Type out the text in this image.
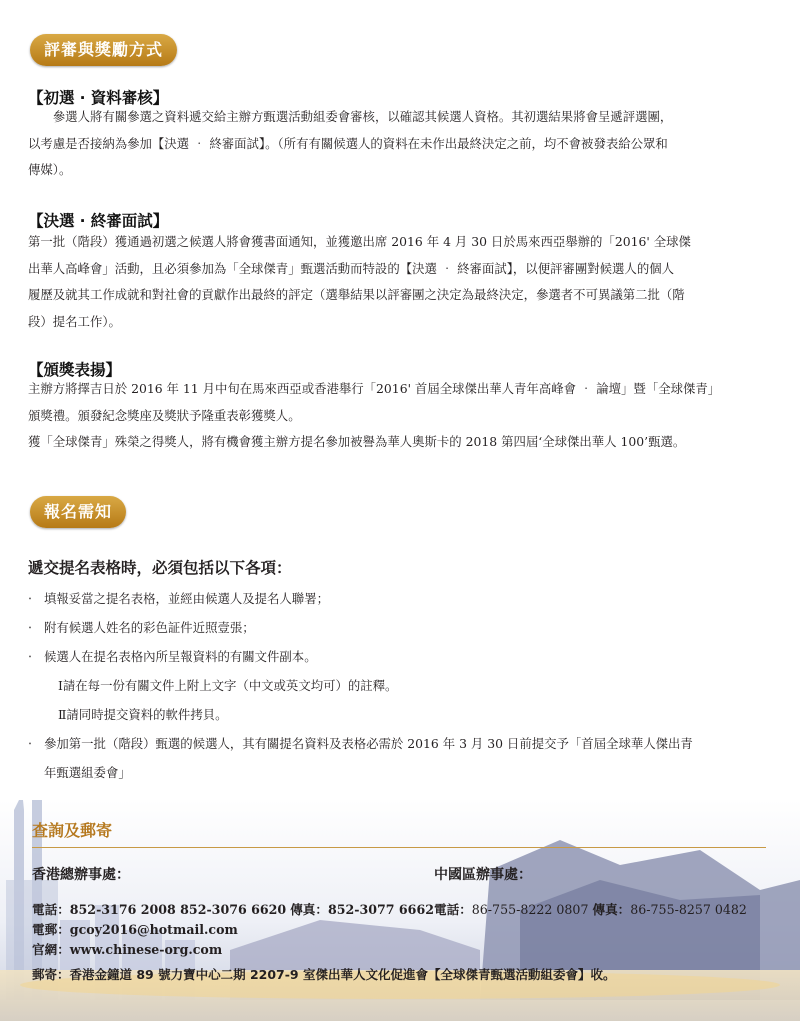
評審與獎勵方式
【初選 ‧ 資料審核】
參選人將有關參選之資料遞交給主辦方甄選活動組委會審核，以確認其候選人資格。其初選結果將會呈遞評選團，
以考慮是否接納為參加【決選 ‧ 終審面試】。（所有有關候選人的資料在未作出最終決定之前，均不會被發表給公眾和
傳媒）。
【決選 ‧ 終審面試】
第一批（階段）獲通過初選之候選人將會獲書面通知，並獲邀出席 2016 年 4 月 30 日於馬來西亞舉辦的「2016' 全球傑
出華人高峰會」活動，且必須參加為「全球傑青」甄選活動而特設的【決選 ‧ 終審面試】，以便評審團對候選人的個人
履歷及就其工作成就和對社會的貢獻作出最終的評定（選舉結果以評審團之決定為最終決定，參選者不可異議第二批（階
段）提名工作）。
【頒獎表揚】
主辦方將擇吉日於 2016 年 11 月中旬在馬來西亞或香港舉行「2016' 首屆全球傑出華人青年高峰會 ‧ 論壇」暨「全球傑青」
頒獎禮。頒發紀念獎座及獎狀予隆重表彰獲獎人。
獲「全球傑青」殊榮之得獎人，將有機會獲主辦方提名參加被譽為華人奧斯卡的 2018 第四屆‘全球傑出華人 100’甄選。
報名需知
遞交提名表格時，必須包括以下各項：
‧ 填報妥當之提名表格，並經由候選人及提名人聯署；
‧ 附有候選人姓名的彩色証件近照壹張；
‧ 候選人在提名表格內所呈報資料的有關文件副本。
Ⅰ請在每一份有關文件上附上文字（中文或英文均可）的註釋。
Ⅱ請同時提交資料的軟件拷貝。
‧ 參加第一批（階段）甄選的候選人，其有關提名資料及表格必需於 2016 年 3 月 30 日前提交予「首屆全球華人傑出青
年甄選組委會」
查詢及郵寄
香港總辦事處：	中國區辦事處：
電話：852-3176 2008 852-3076 6620 傳真：852-3077 6662 電話：86-755-8222 0807 傳真：86-755-8257 0482
電郵：gcoy2016@hotmail.com
官網：www.chinese-org.com
郵寄：香港金鐘道 89 號力寶中心二期 2207-9 室傑出華人文化促進會【全球傑青甄選活動組委會】收。
